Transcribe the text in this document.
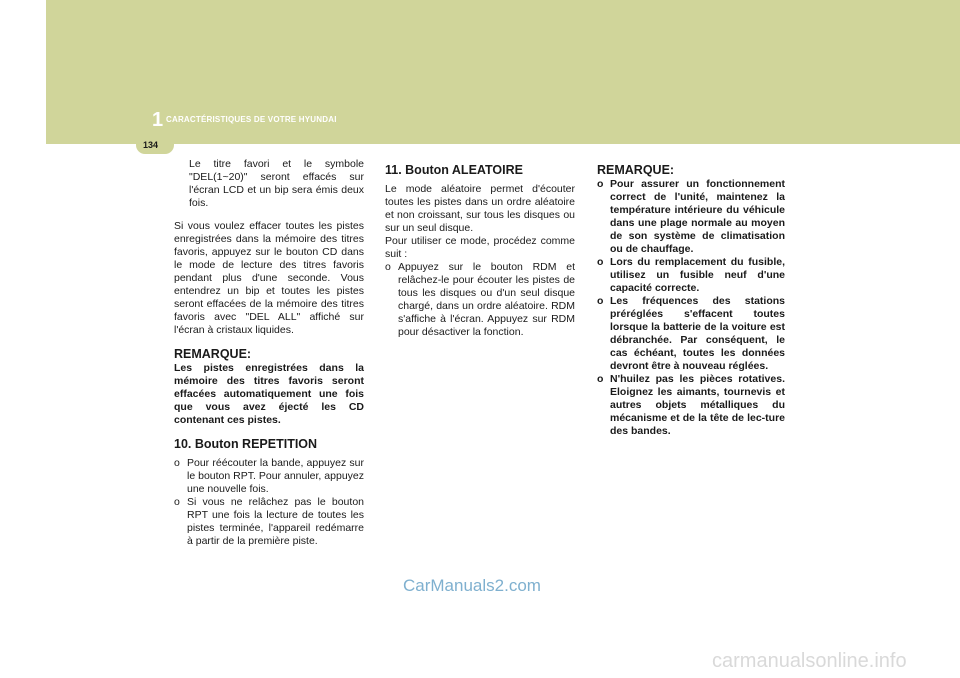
1 CARACTÉRISTIQUES DE VOTRE HYUNDAI
134

Le titre favori et le symbole "DEL(1~20)" seront effacés sur l'écran LCD et un bip sera émis deux fois.

Si vous voulez effacer toutes les pistes enregistrées dans la mémoire des titres favoris, appuyez sur le bouton CD dans le mode de lecture des titres favoris pendant plus d'une seconde. Vous entendrez un bip et toutes les pistes seront effacées de la mémoire des titres favoris avec "DEL ALL" affiché sur l'écran à cristaux liquides.

REMARQUE:

Les pistes enregistrées dans la mémoire des titres favoris seront effacées automatiquement une fois que vous avez éjecté les CD contenant ces pistes.

10. Bouton REPETITION
o Pour réécouter la bande, appuyez sur le bouton RPT. Pour annuler, appuyez une nouvelle fois.
o Si vous ne relâchez pas le bouton RPT une fois la lecture de toutes les pistes terminée, l'appareil redémarre à partir de la première piste.
11. Bouton ALEATOIRE

Le mode aléatoire permet d'écouter toutes les pistes dans un ordre aléatoire et non croissant, sur tous les disques ou sur un seul disque.

Pour utiliser ce mode, procédez comme suit :

o Appuyez sur le bouton RDM et relâchez-le pour écouter les pistes de tous les disques ou d'un seul disque chargé, dans un ordre aléatoire. RDM s'affiche à l'écran. Appuyez sur RDM pour désactiver la fonction.
REMARQUE:
o Pour assurer un fonctionnement correct de l'unité, maintenez la température intérieure du véhicule dans une plage normale au moyen de son système de climatisation ou de chauffage.
o Lors du remplacement du fusible, utilisez un fusible neuf d'une capacité correcte.
o Les fréquences des stations préréglées s'effacent toutes lorsque la batterie de la voiture est débranchée. Par conséquent, le cas échéant, toutes les données devront être à nouveau réglées.
o N'huilez pas les pièces rotatives. Eloignez les aimants, tournevis et autres objets métalliques du mécanisme et de la tête de lec-ture des bandes.
CarManuals2.com
carmanualsonline.info
